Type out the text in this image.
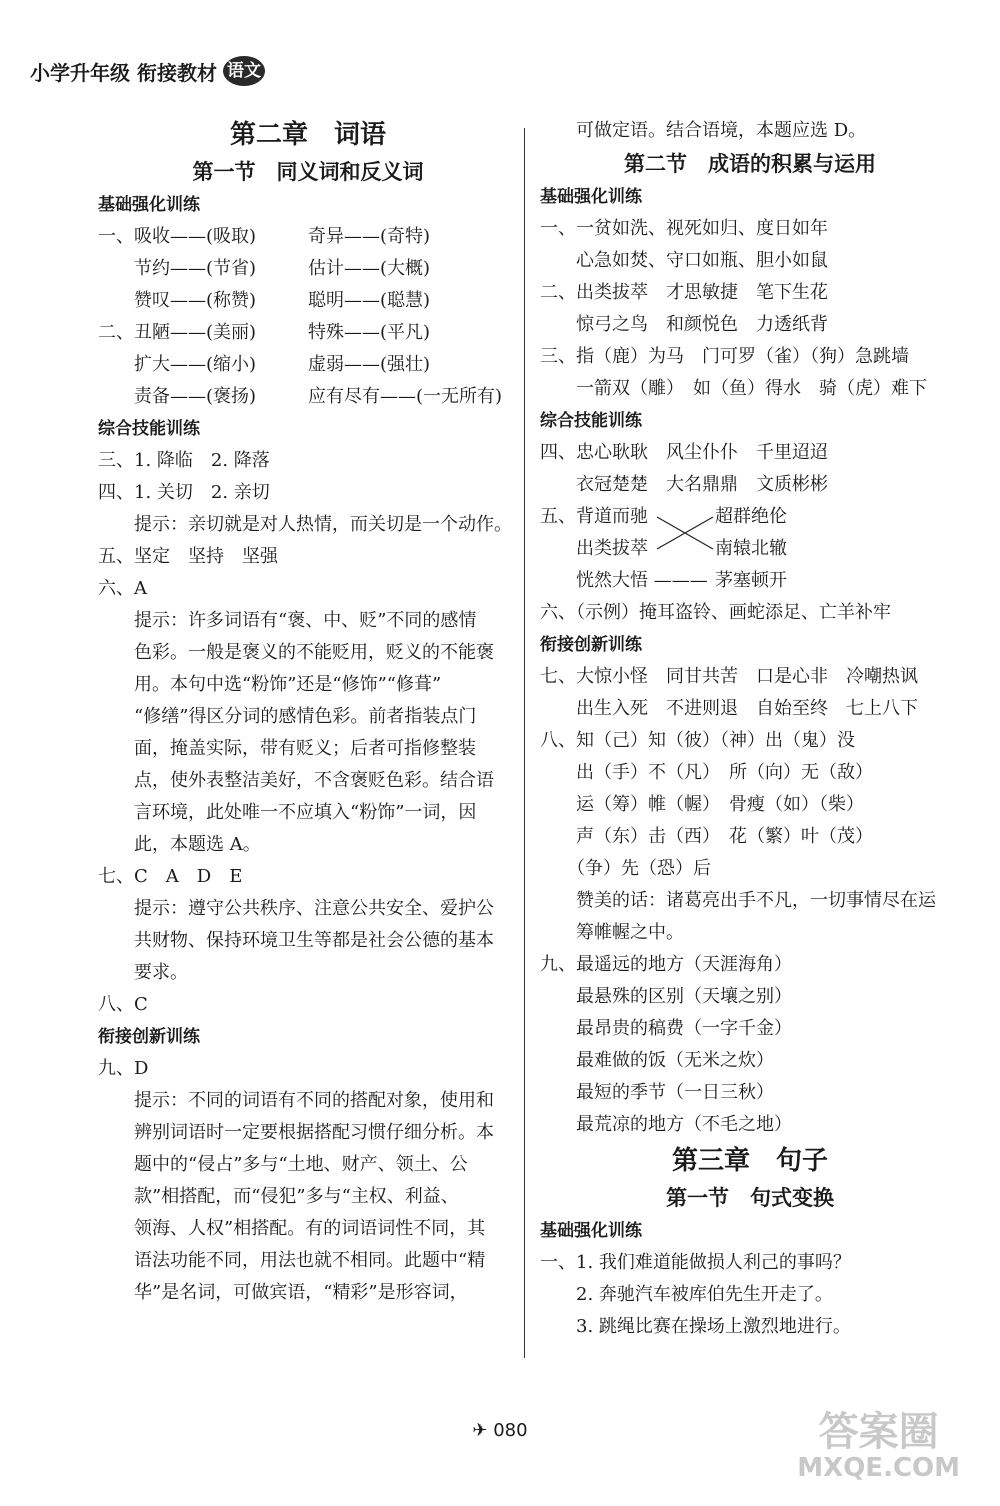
小学升年级 衔接教材 语文
第二章　词语
第一节　同义词和反义词
基础强化训练
一、吸收——(吸取)	奇异——(奇特)
　　节约——(节省)	估计——(大概)
　　赞叹——(称赞)	聪明——(聪慧)
二、丑陋——(美丽)	特殊——(平凡)
　　扩大——(缩小)	虚弱——(强壮)
　　责备——(褒扬)	应有尽有——(一无所有)
综合技能训练
三、1. 降临　2. 降落
四、1. 关切　2. 亲切
　　提示：亲切就是对人热情，而关切是一个动作。
五、坚定　坚持　坚强
六、A
　　提示：许多词语有“褒、中、贬”不同的感情
　　色彩。一般是褒义的不能贬用，贬义的不能褒
　　用。本句中选“粉饰”还是“修饰”“修葺”
　　“修缮”得区分词的感情色彩。前者指装点门
　　面，掩盖实际，带有贬义；后者可指修整装
　　点，使外表整洁美好，不含褒贬色彩。结合语
　　言环境，此处唯一不应填入“粉饰”一词，因
　　此，本题选 A。
七、C　A　D　E
　　提示：遵守公共秩序、注意公共安全、爱护公
　　共财物、保持环境卫生等都是社会公德的基本
　　要求。
八、C
衔接创新训练
九、D
　　提示：不同的词语有不同的搭配对象，使用和
　　辨别词语时一定要根据搭配习惯仔细分析。本
　　题中的“侵占”多与“土地、财产、领土、公
　　款”相搭配，而“侵犯”多与“主权、利益、
　　领海、人权”相搭配。有的词语词性不同，其
　　语法功能不同，用法也就不相同。此题中“精
　　华”是名词，可做宾语，“精彩”是形容词，
　　可做定语。结合语境，本题应选 D。
第二节　成语的积累与运用
基础强化训练
一、一贫如洗、视死如归、度日如年
　　心急如焚、守口如瓶、胆小如鼠
二、出类拔萃　才思敏捷　笔下生花
　　惊弓之鸟　和颜悦色　力透纸背
三、指（鹿）为马　门可罗（雀）（狗）急跳墙
　　一箭双（雕）　如（鱼）得水　骑（虎）难下
综合技能训练
四、忠心耿耿　风尘仆仆　千里迢迢
　　衣冠楚楚　大名鼎鼎　文质彬彬
五、背道而驰	超群绝伦
　　出类拔萃	南辕北辙
　　恍然大悟 ——— 茅塞顿开
六、（示例）掩耳盗铃、画蛇添足、亡羊补牢
衔接创新训练
七、大惊小怪　同甘共苦　口是心非　冷嘲热讽
　　出生入死　不进则退　自始至终　七上八下
八、知（己）知（彼）（神）出（鬼）没
　　出（手）不（凡）　所（向）无（敌）
　　运（筹）帷（幄）　骨瘦（如）（柴）
　　声（东）击（西）　花（繁）叶（茂）
　　（争）先（恐）后
　　赞美的话：诸葛亮出手不凡，一切事情尽在运
　　筹帷幄之中。
九、最遥远的地方（天涯海角）
　　最悬殊的区别（天壤之别）
　　最昂贵的稿费（一字千金）
　　最难做的饭（无米之炊）
　　最短的季节（一日三秋）
　　最荒凉的地方（不毛之地）
第三章　句子
第一节　句式变换
基础强化训练
一、1. 我们难道能做损人利己的事吗？
　　2. 奔驰汽车被库伯先生开走了。
　　3. 跳绳比赛在操场上激烈地进行。
✈ 080	答案圈
MXQE.COM
